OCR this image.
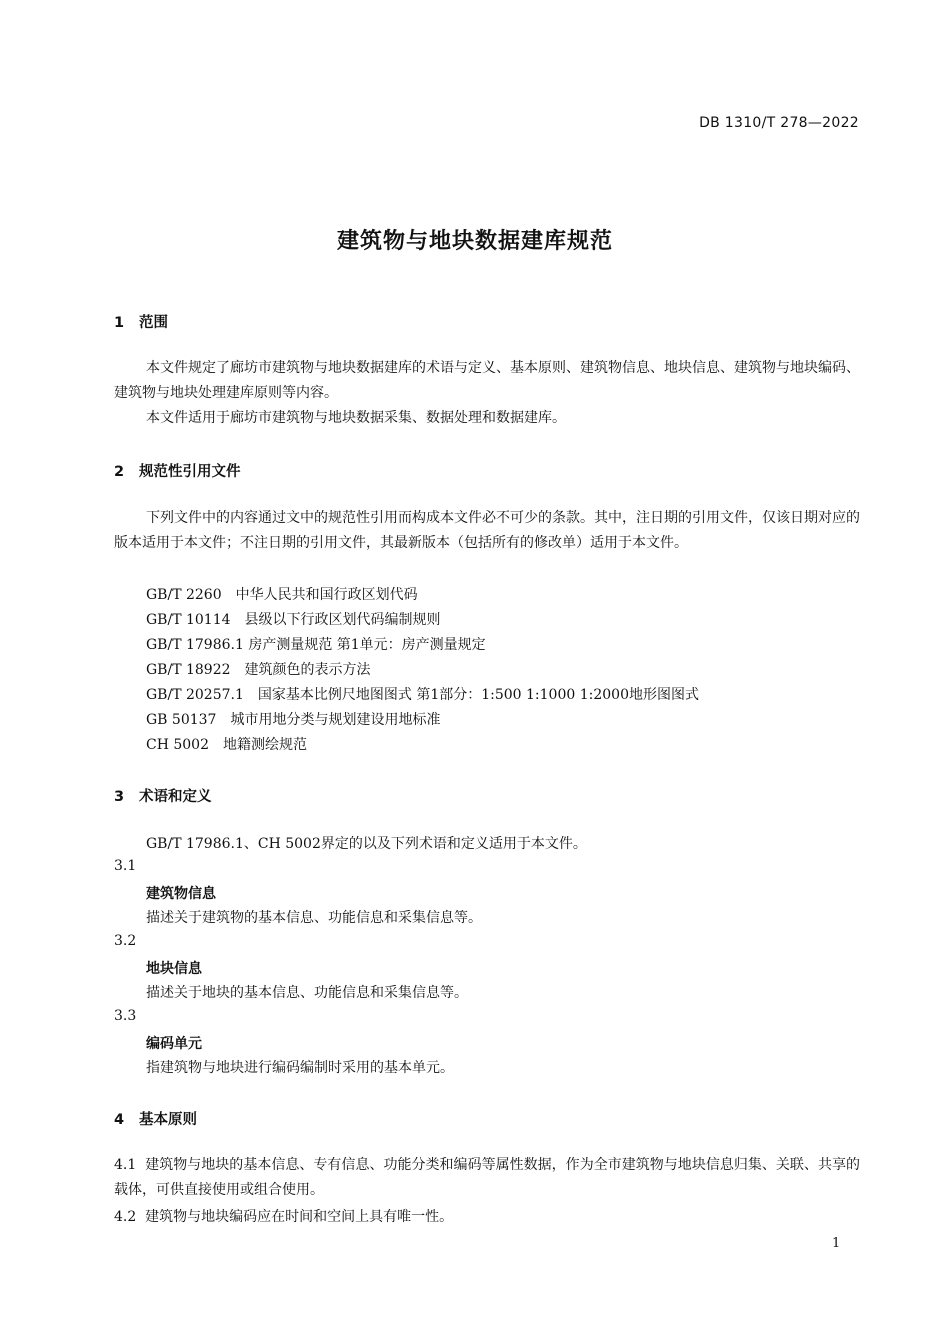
DB 1310/T 278—2022
建筑物与地块数据建库规范
1 范围
本文件规定了廊坊市建筑物与地块数据建库的术语与定义、基本原则、建筑物信息、地块信息、建筑物与地块编码、建筑物与地块处理建库原则等内容。
本文件适用于廊坊市建筑物与地块数据采集、数据处理和数据建库。
2 规范性引用文件
下列文件中的内容通过文中的规范性引用而构成本文件必不可少的条款。其中，注日期的引用文件，仅该日期对应的版本适用于本文件；不注日期的引用文件，其最新版本（包括所有的修改单）适用于本文件。
GB/T 2260　中华人民共和国行政区划代码
GB/T 10114　县级以下行政区划代码编制规则
GB/T 17986.1 房产测量规范 第1单元：房产测量规定
GB/T 18922　建筑颜色的表示方法
GB/T 20257.1　国家基本比例尺地图图式 第1部分：1:500 1:1000 1:2000地形图图式
GB 50137　城市用地分类与规划建设用地标准
CH 5002　地籍测绘规范
3 术语和定义
GB/T 17986.1、CH 5002界定的以及下列术语和定义适用于本文件。
3.1
建筑物信息
描述关于建筑物的基本信息、功能信息和采集信息等。
3.2
地块信息
描述关于地块的基本信息、功能信息和采集信息等。
3.3
编码单元
指建筑物与地块进行编码编制时采用的基本单元。
4 基本原则
4.1 建筑物与地块的基本信息、专有信息、功能分类和编码等属性数据，作为全市建筑物与地块信息归集、关联、共享的载体，可供直接使用或组合使用。
4.2 建筑物与地块编码应在时间和空间上具有唯一性。
1
